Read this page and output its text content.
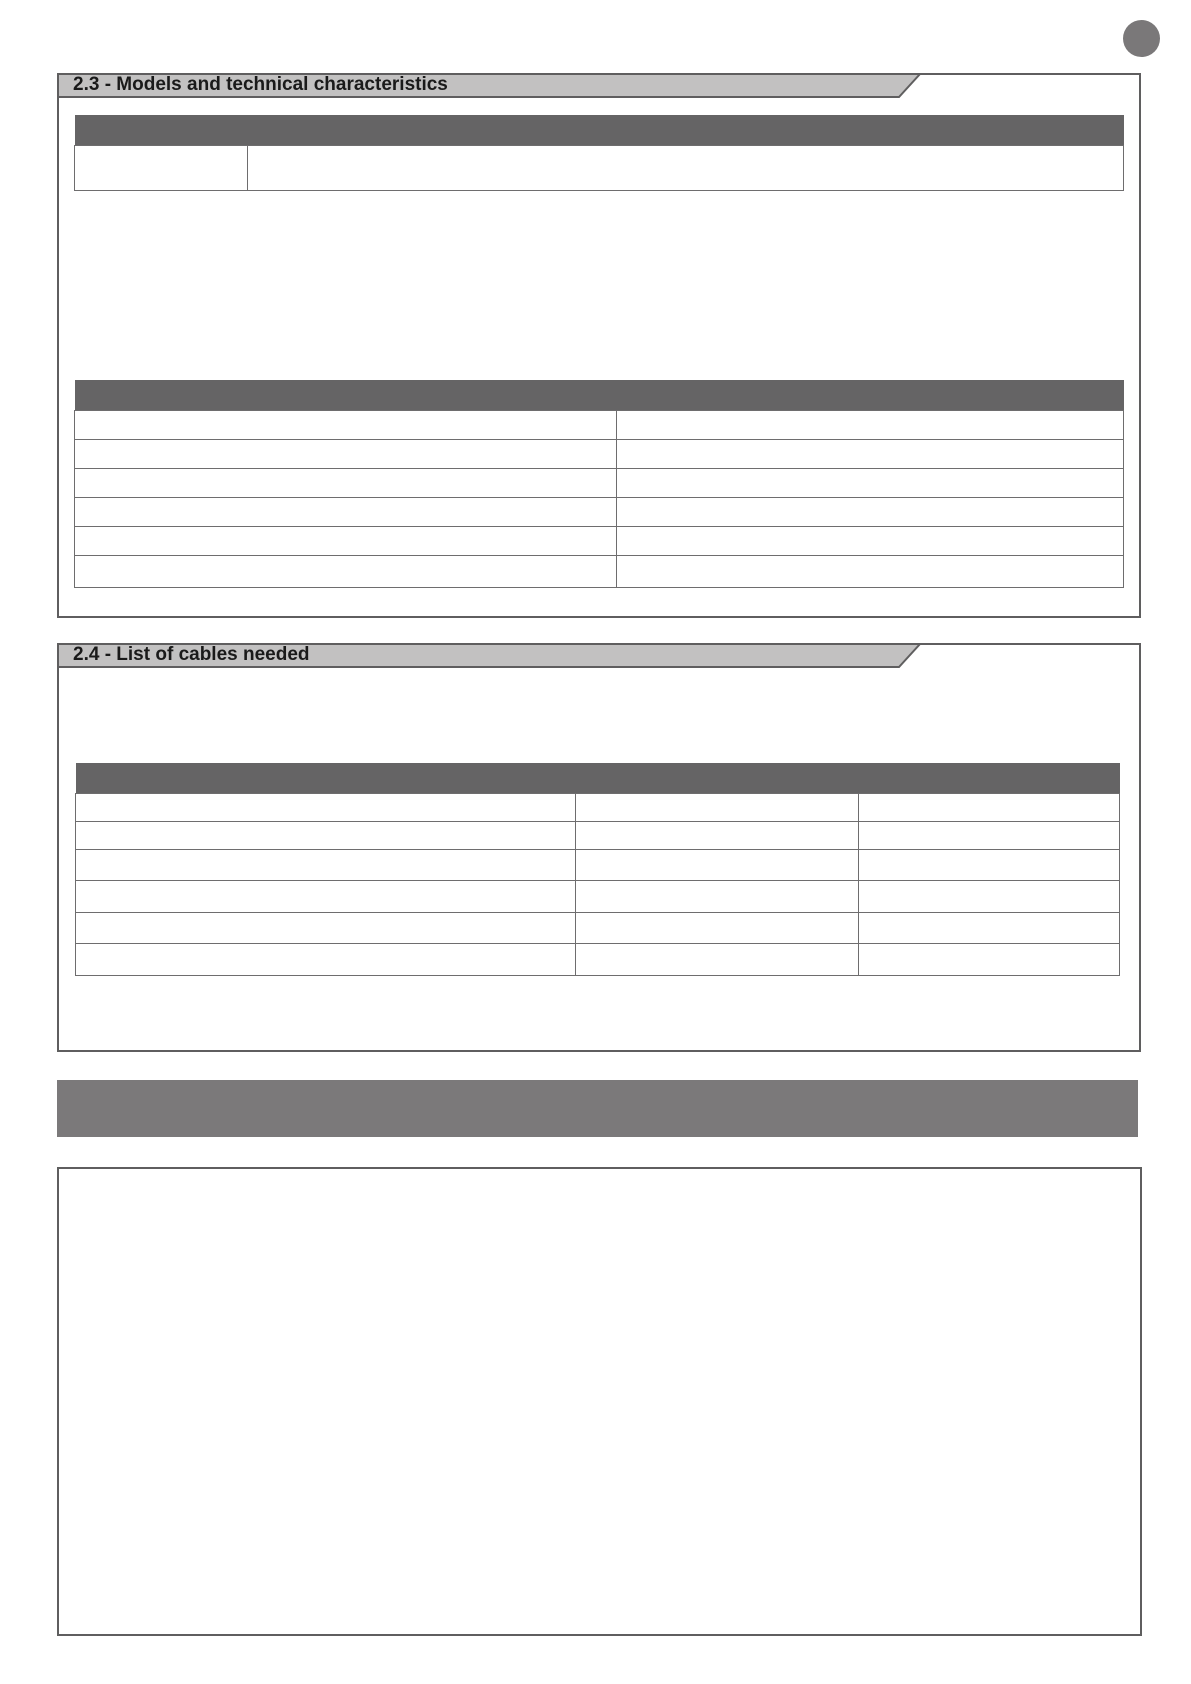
2.3 - Models and technical characteristics

2.4 - List of cables needed
